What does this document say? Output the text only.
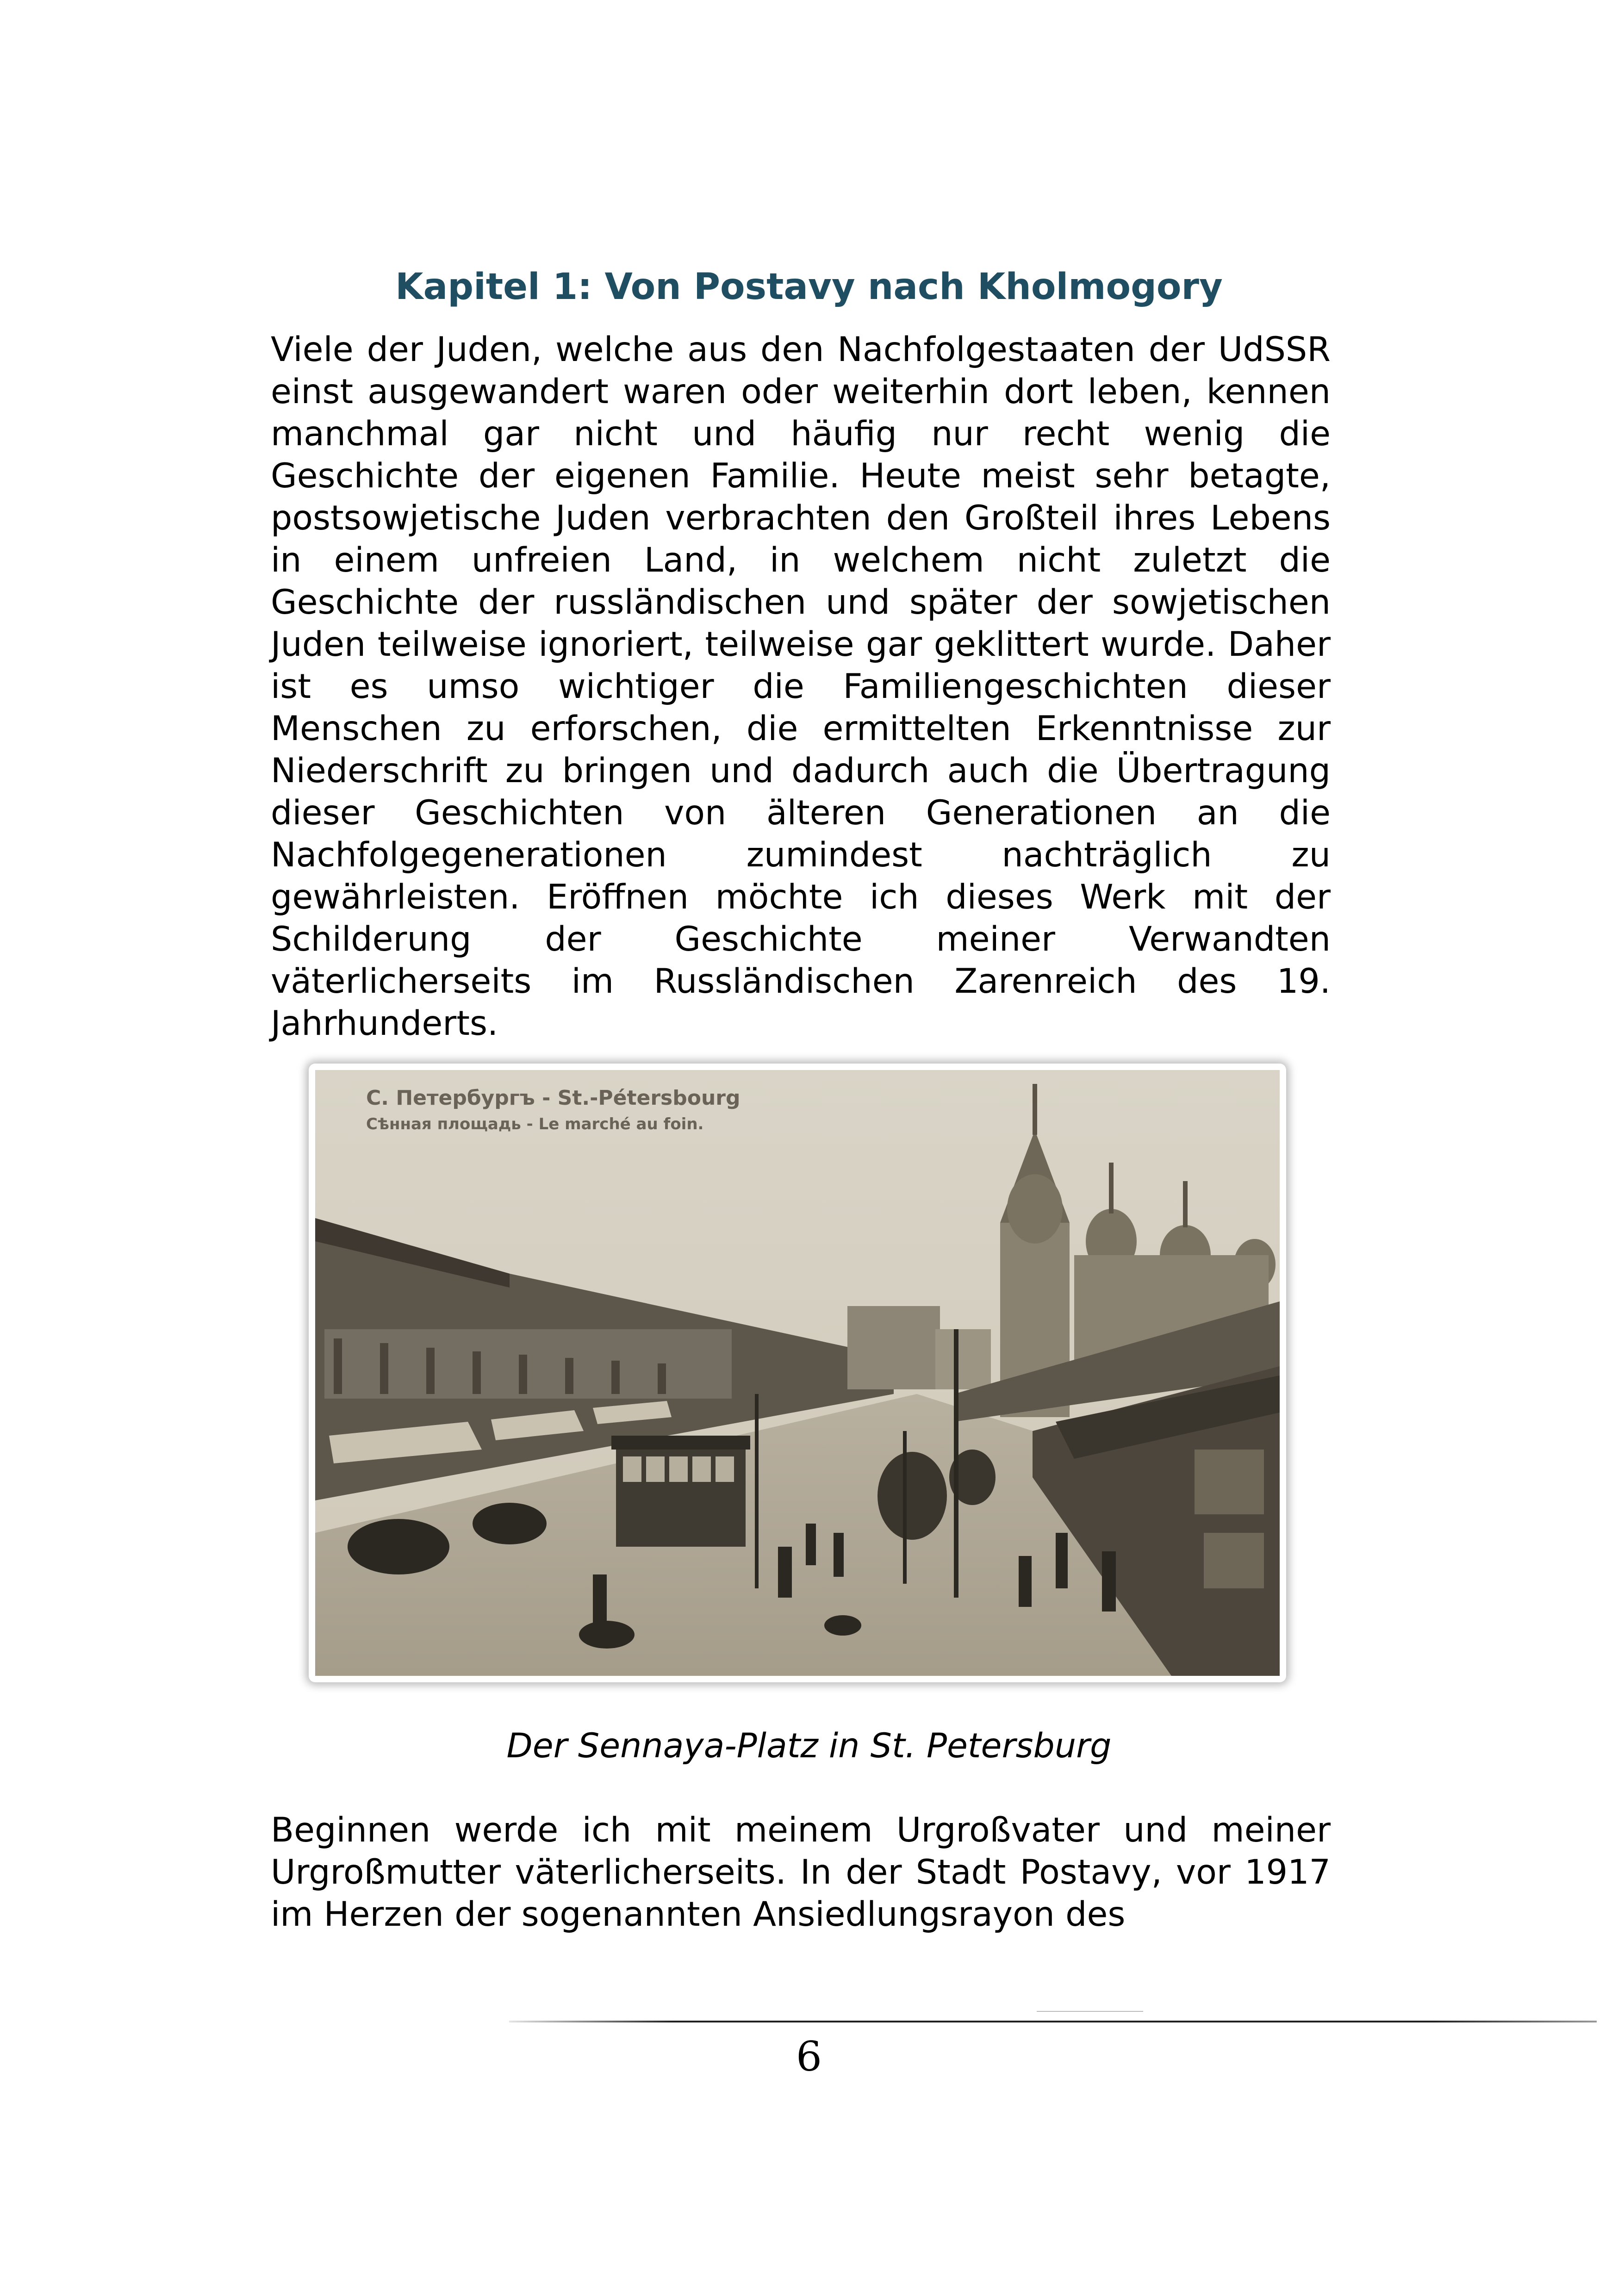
Kapitel 1: Von Postavy nach Kholmogory

Viele der Juden, welche aus den Nachfolgestaaten der UdSSR einst ausgewandert waren oder weiterhin dort leben, kennen manchmal gar nicht und häufig nur recht wenig die Geschichte der eigenen Familie. Heute meist sehr betagte, postsowjetische Juden verbrachten den Großteil ihres Lebens in einem unfreien Land, in welchem nicht zuletzt die Geschichte der russländischen und später der sowjetischen Juden teilweise ignoriert, teilweise gar geklittert wurde. Daher ist es umso wichtiger die Familiengeschichten dieser Menschen zu erforschen, die ermittelten Erkenntnisse zur Niederschrift zu bringen und dadurch auch die Übertragung dieser Geschichten von älteren Generationen an die Nachfolgegenerationen zumindest nachträglich zu gewährleisten. Eröffnen möchte ich dieses Werk mit der Schilderung der Geschichte meiner Verwandten väterlicherseits im Russländischen Zarenreich des 19. Jahrhunderts.

С. Петербургъ - St.-Pétersbourg
Сѣнная площадь - Le marché au foin.

Der Sennaya-Platz in St. Petersburg

Beginnen werde ich mit meinem Urgroßvater und meiner Urgroßmutter väterlicherseits. In der Stadt Postavy, vor 1917 im Herzen der sogenannten Ansiedlungsrayon des

6
